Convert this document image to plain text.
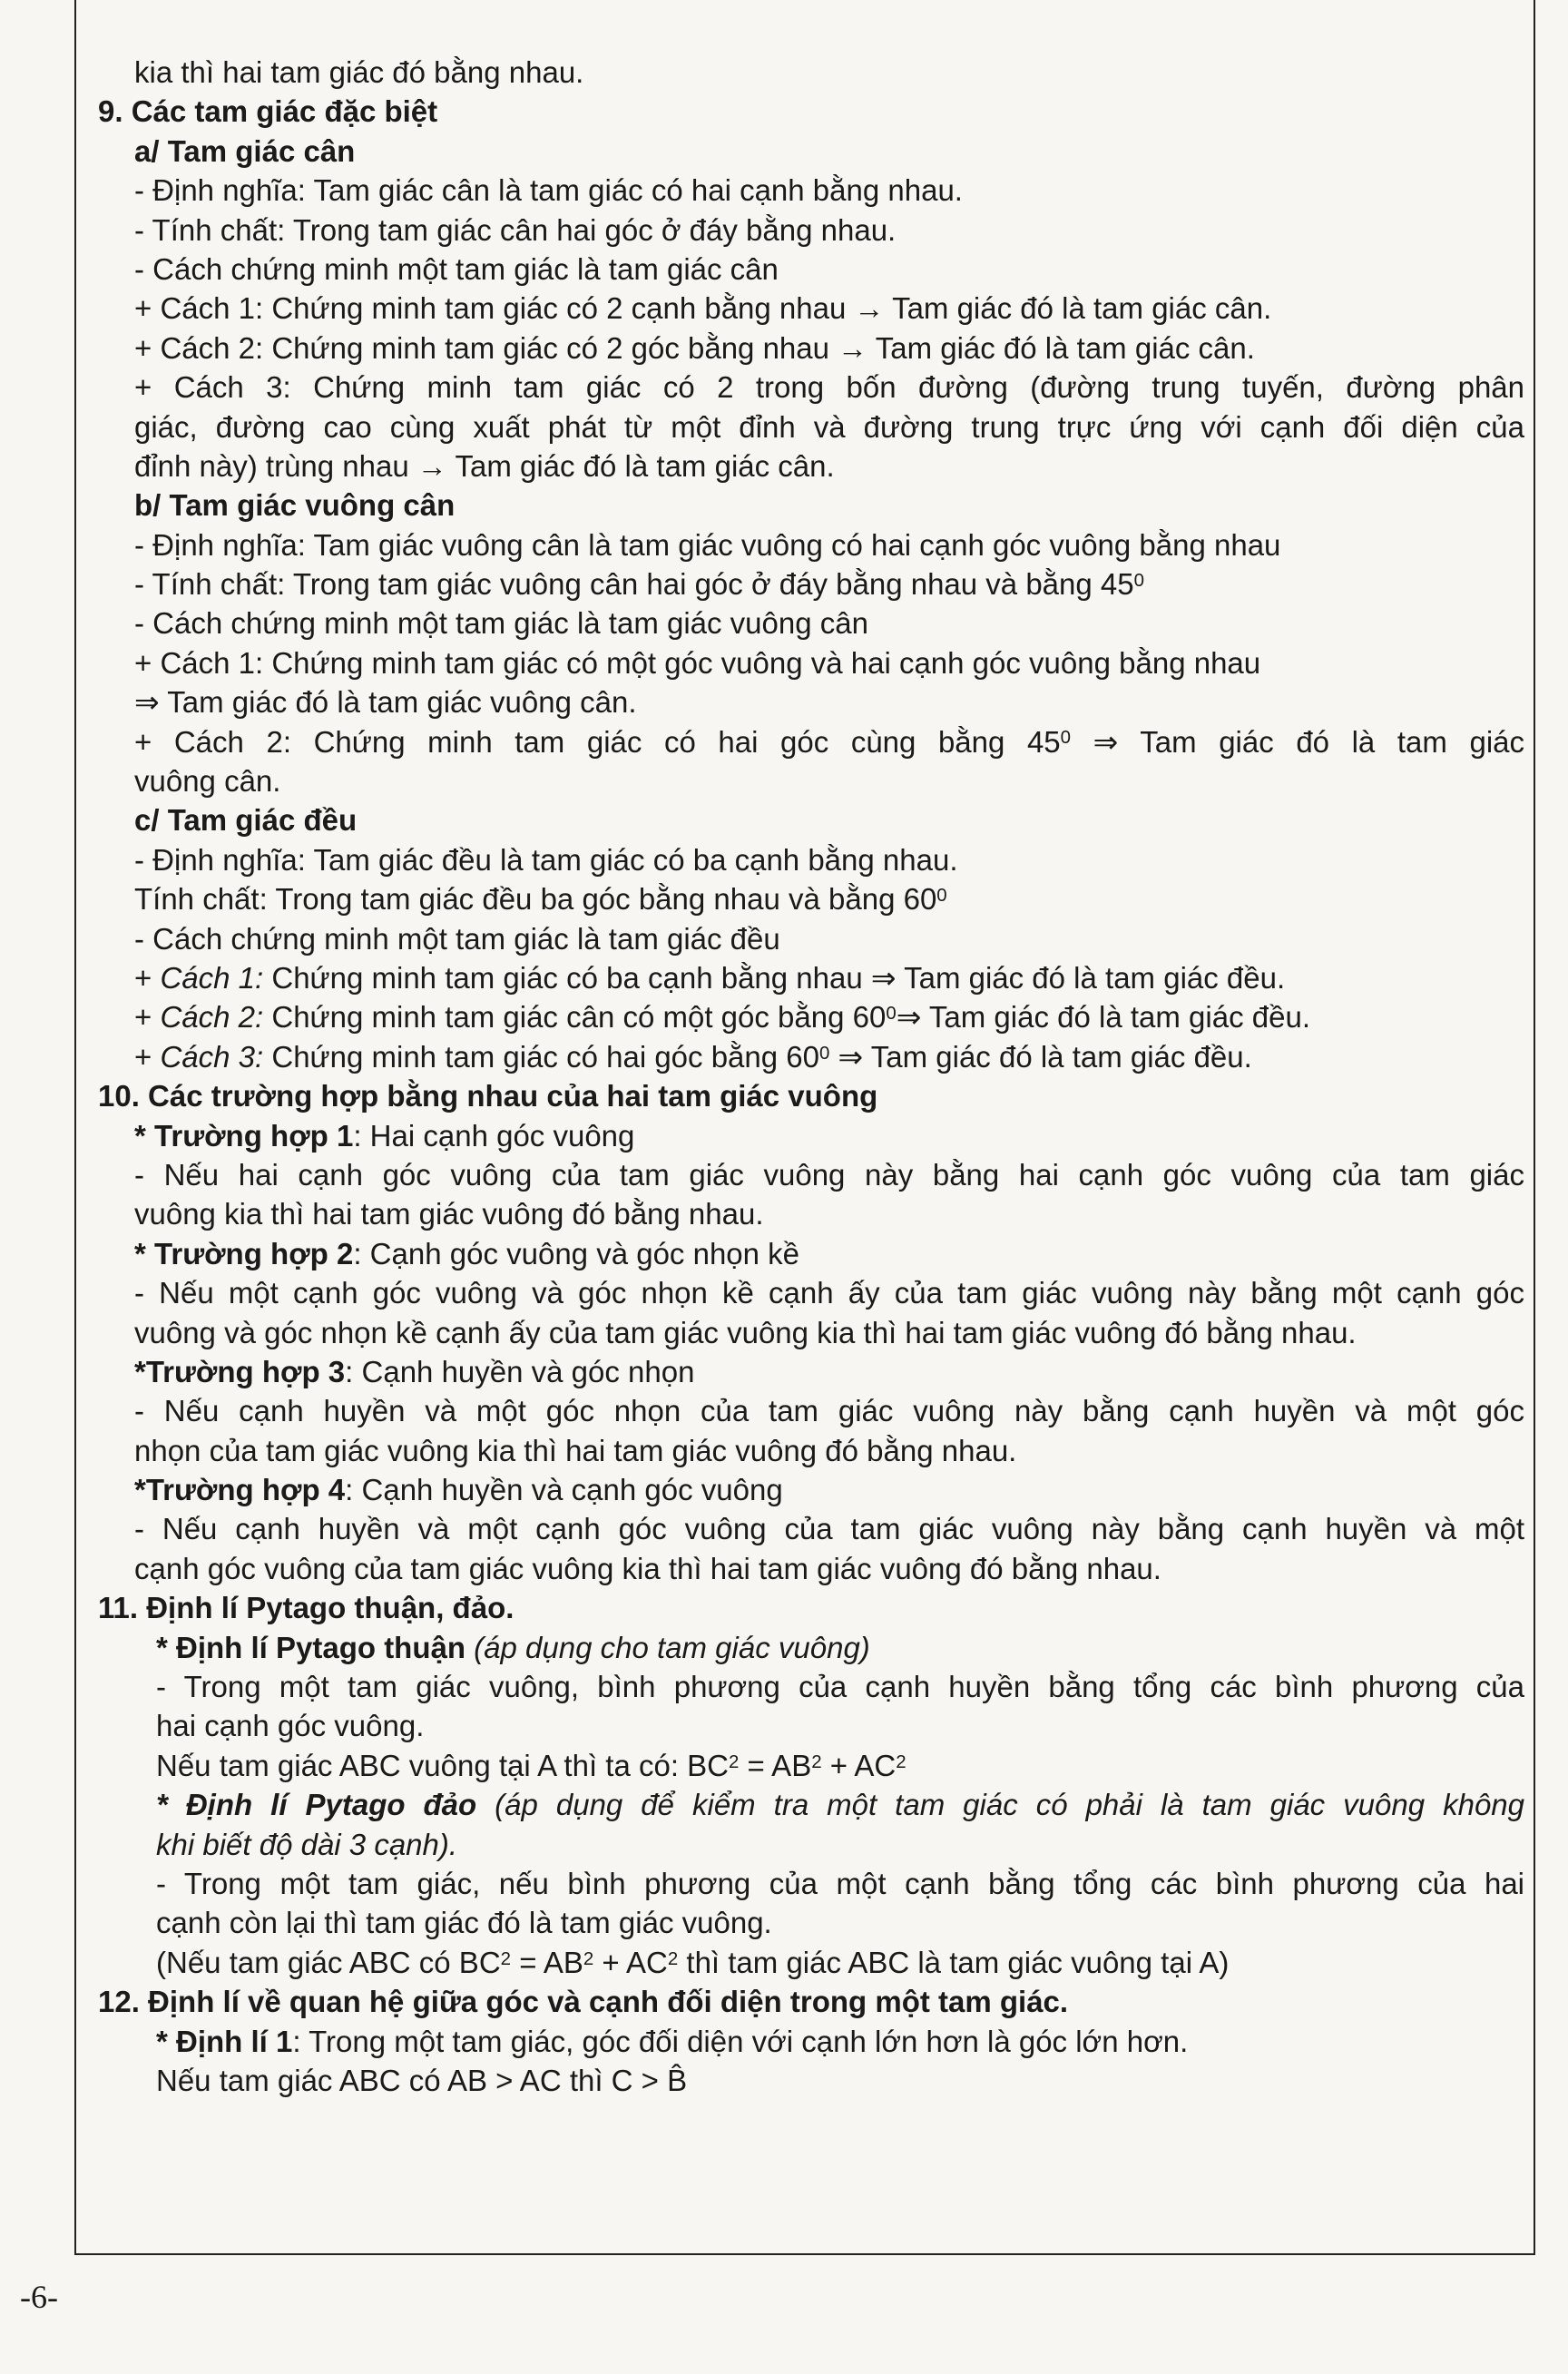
kia thì hai tam giác đó bằng nhau.
9. Các tam giác đặc biệt
a/ Tam giác cân
- Định nghĩa: Tam giác cân là tam giác có hai cạnh bằng nhau.
- Tính chất: Trong tam giác cân hai góc ở đáy bằng nhau.
- Cách chứng minh một tam giác là tam giác cân
+ Cách 1: Chứng minh tam giác có 2 cạnh bằng nhau → Tam giác đó là tam giác cân.
+ Cách 2: Chứng minh tam giác có 2 góc bằng nhau → Tam giác đó là tam giác cân.
+ Cách 3: Chứng minh tam giác có 2 trong bốn đường (đường trung tuyến, đường phân
giác, đường cao cùng xuất phát từ một đỉnh và đường trung trực ứng với cạnh đối diện của
đỉnh này) trùng nhau → Tam giác đó là tam giác cân.
b/ Tam giác vuông cân
- Định nghĩa: Tam giác vuông cân là tam giác vuông có hai cạnh góc vuông bằng nhau
- Tính chất: Trong tam giác vuông cân hai góc ở đáy bằng nhau và bằng $45^0$
- Cách chứng minh một tam giác là tam giác vuông cân
+ Cách 1: Chứng minh tam giác có một góc vuông và hai cạnh góc vuông bằng nhau
⇒ Tam giác đó là tam giác vuông cân.
+ Cách 2: Chứng minh tam giác có hai góc cùng bằng $45^0$ ⇒ Tam giác đó là tam giác
vuông cân.
c/ Tam giác đều
- Định nghĩa: Tam giác đều là tam giác có ba cạnh bằng nhau.
Tính chất: Trong tam giác đều ba góc bằng nhau và bằng $60^0$
- Cách chứng minh một tam giác là tam giác đều
+ Cách 1: Chứng minh tam giác có ba cạnh bằng nhau ⇒ Tam giác đó là tam giác đều.
+ Cách 2: Chứng minh tam giác cân có một góc bằng $60^0\Rightarrow$ Tam giác đó là tam giác đều.
+ Cách 3: Chứng minh tam giác có hai góc bằng $60^0$ ⇒ Tam giác đó là tam giác đều.
10. Các trường hợp bằng nhau của hai tam giác vuông
* Trường hợp 1: Hai cạnh góc vuông
- Nếu hai cạnh góc vuông của tam giác vuông này bằng hai cạnh góc vuông của tam giác
vuông kia thì hai tam giác vuông đó bằng nhau.
* Trường hợp 2: Cạnh góc vuông và góc nhọn kề
- Nếu một cạnh góc vuông và góc nhọn kề cạnh ấy của tam giác vuông này bằng một cạnh góc
vuông và góc nhọn kề cạnh ấy của tam giác vuông kia thì hai tam giác vuông đó bằng nhau.
*Trường hợp 3: Cạnh huyền và góc nhọn
- Nếu cạnh huyền và một góc nhọn của tam giác vuông này bằng cạnh huyền và một góc
nhọn của tam giác vuông kia thì hai tam giác vuông đó bằng nhau.
*Trường hợp 4: Cạnh huyền và cạnh góc vuông
- Nếu cạnh huyền và một cạnh góc vuông của tam giác vuông này bằng cạnh huyền và một
cạnh góc vuông của tam giác vuông kia thì hai tam giác vuông đó bằng nhau.
11. Định lí Pytago thuận, đảo.
* Định lí Pytago thuận (áp dụng cho tam giác vuông)
- Trong một tam giác vuông, bình phương của cạnh huyền bằng tổng các bình phương của
hai cạnh góc vuông.
Nếu tam giác ABC vuông tại A thì ta có: $BC^2 = AB^2 + AC^2$
* Định lí Pytago đảo (áp dụng để kiểm tra một tam giác có phải là tam giác vuông không
khi biết độ dài 3 cạnh).
- Trong một tam giác, nếu bình phương của một cạnh bằng tổng các bình phương của hai
cạnh còn lại thì tam giác đó là tam giác vuông.
(Nếu tam giác ABC có $BC^2 = AB^2 + AC^2$ thì tam giác ABC là tam giác vuông tại A)
12. Định lí về quan hệ giữa góc và cạnh đối diện trong một tam giác.
* Định lí 1: Trong một tam giác, góc đối diện với cạnh lớn hơn là góc lớn hơn.
Nếu tam giác ABC có AB > AC thì C > B̂
-6-
